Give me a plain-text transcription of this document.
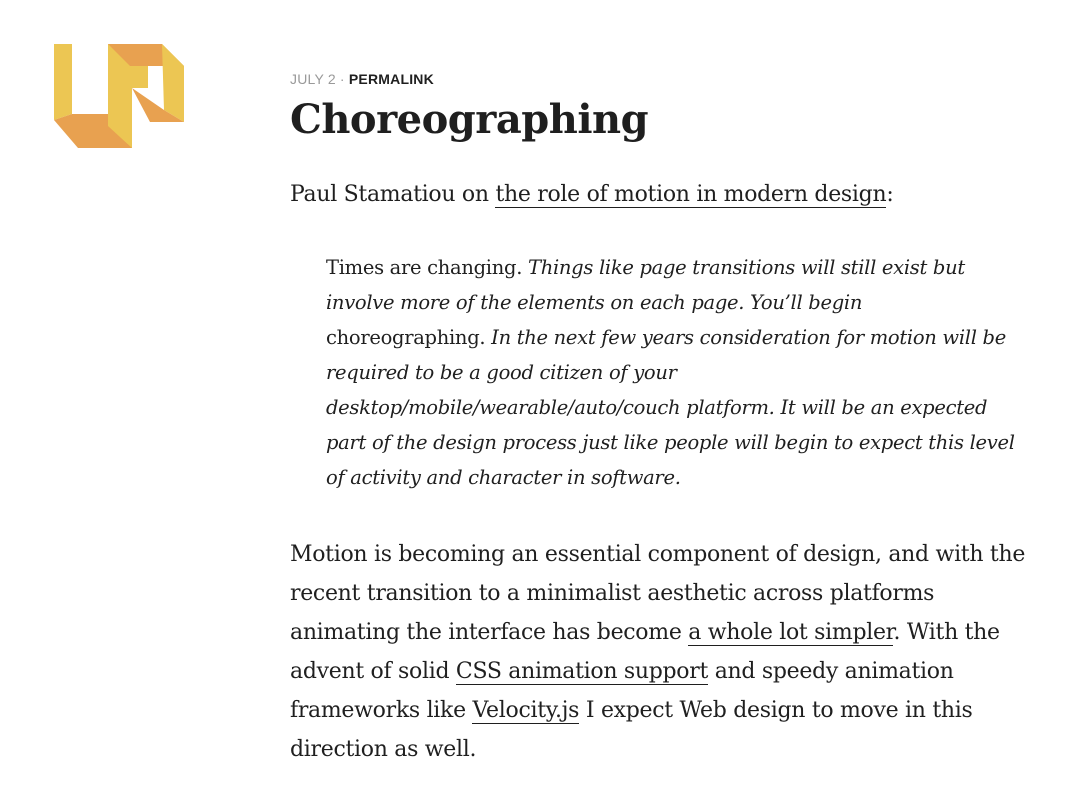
JULY 2 · PERMALINK

Choreographing

Paul Stamatiou on the role of motion in modern design:

Times are changing. Things like page transitions will still exist but involve more of the elements on each page. You’ll begin choreographing. In the next few years consideration for motion will be required to be a good citizen of your desktop/mobile/wearable/auto/couch platform. It will be an expected part of the design process just like people will begin to expect this level of activity and character in software.

Motion is becoming an essential component of design, and with the recent transition to a minimalist aesthetic across platforms animating the interface has become a whole lot simpler. With the advent of solid CSS animation support and speedy animation frameworks like Velocity.js I expect Web design to move in this direction as well.
